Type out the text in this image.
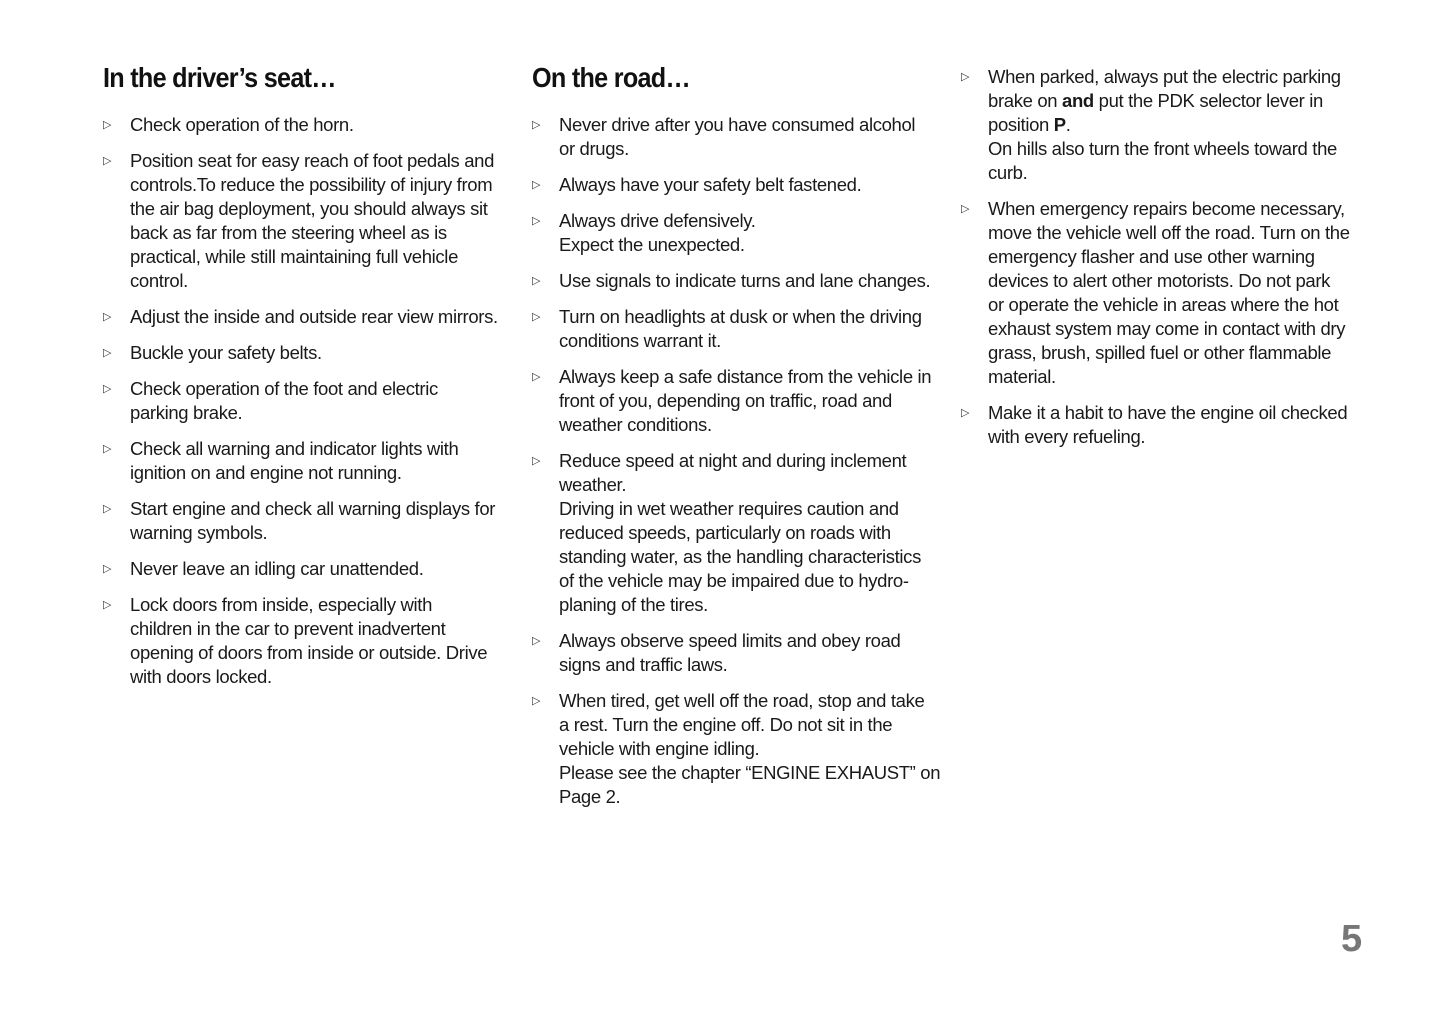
In the driver’s seat…
▷	Check operation of the horn.
▷	Position seat for easy reach of foot pedals and
controls.To reduce the possibility of injury from
the air bag deployment, you should always sit
back as far from the steering wheel as is
practical, while still maintaining full vehicle
control.
▷	Adjust the inside and outside rear view mirrors.
▷	Buckle your safety belts.
▷	Check operation of the foot and electric
parking brake.
▷	Check all warning and indicator lights with
ignition on and engine not running.
▷	Start engine and check all warning displays for
warning symbols.
▷	Never leave an idling car unattended.
▷	Lock doors from inside, especially with
children in the car to prevent inadvertent
opening of doors from inside or outside. Drive
with doors locked.
On the road…
▷	Never drive after you have consumed alcohol
or drugs.
▷	Always have your safety belt fastened.
▷	Always drive defensively.
Expect the unexpected.
▷	Use signals to indicate turns and lane changes.
▷	Turn on headlights at dusk or when the driving
conditions warrant it.
▷	Always keep a safe distance from the vehicle in
front of you, depending on traffic, road and
weather conditions.
▷	Reduce speed at night and during inclement
weather.
Driving in wet weather requires caution and
reduced speeds, particularly on roads with
standing water, as the handling characteristics
of the vehicle may be impaired due to hydro-
planing of the tires.
▷	Always observe speed limits and obey road
signs and traffic laws.
▷	When tired, get well off the road, stop and take
a rest. Turn the engine off. Do not sit in the
vehicle with engine idling.
Please see the chapter “ENGINE EXHAUST” on
Page 2.
▷	When parked, always put the electric parking
brake on and put the PDK selector lever in
position P.
On hills also turn the front wheels toward the
curb.
▷	When emergency repairs become necessary,
move the vehicle well off the road. Turn on the
emergency flasher and use other warning
devices to alert other motorists. Do not park
or operate the vehicle in areas where the hot
exhaust system may come in contact with dry
grass, brush, spilled fuel or other flammable
material.
▷	Make it a habit to have the engine oil checked
with every refueling.
5
